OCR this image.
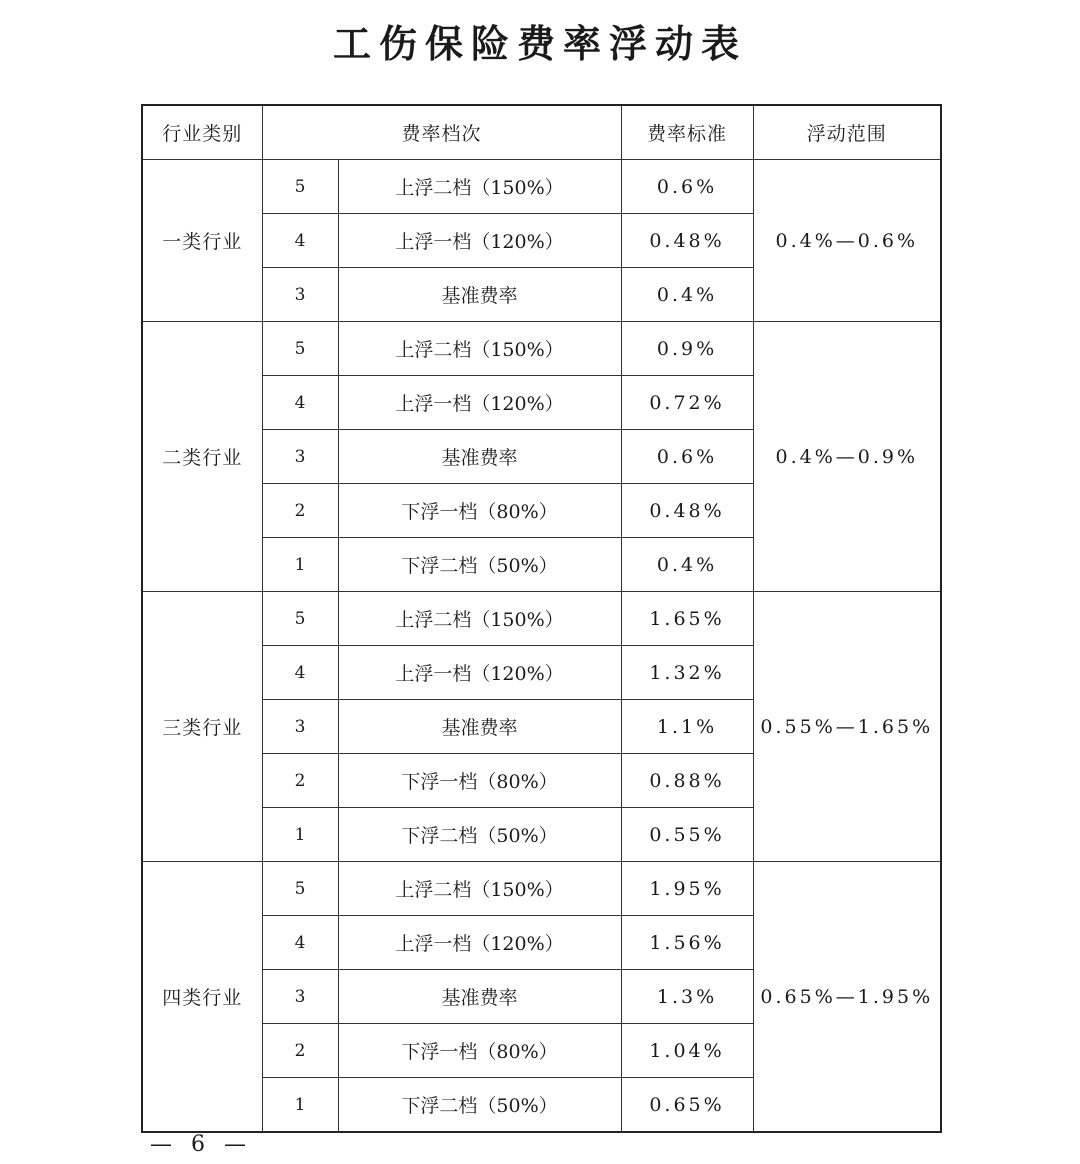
工伤保险费率浮动表
行业类别	费率档次		费率标准	浮动范围
一类行业	5	上浮二档（150%）	0.6%	0.4%—0.6%
	4	上浮一档（120%）	0.48%	
	3	基准费率	0.4%	
二类行业	5	上浮二档（150%）	0.9%	0.4%—0.9%
	4	上浮一档（120%）	0.72%	
	3	基准费率	0.6%	
	2	下浮一档（80%）	0.48%	
	1	下浮二档（50%）	0.4%	
三类行业	5	上浮二档（150%）	1.65%	0.55%—1.65%
	4	上浮一档（120%）	1.32%	
	3	基准费率	1.1%	
	2	下浮一档（80%）	0.88%	
	1	下浮二档（50%）	0.55%	
四类行业	5	上浮二档（150%）	1.95%	0.65%—1.95%
	4	上浮一档（120%）	1.56%	
	3	基准费率	1.3%	
	2	下浮一档（80%）	1.04%	
	1	下浮二档（50%）	0.65%	
— 6 —
